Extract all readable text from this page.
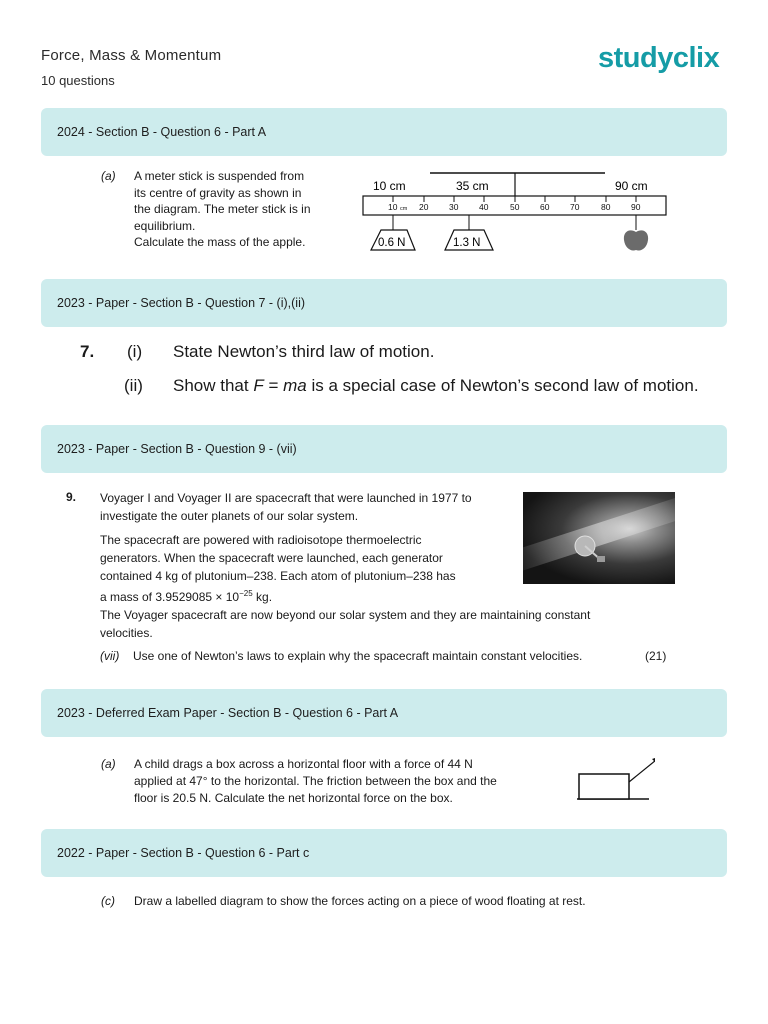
Force, Mass & Momentum
10 questions
studyclix
2024 - Section B - Question 6 - Part A
(a) A meter stick is suspended from
its centre of gravity as shown in
the diagram. The meter stick is in
equilibrium.
Calculate the mass of the apple.
10 cm	35 cm	90 cm
10 cm 20 30 40	50 60 70	80 90
0.6 N	1.3 N
2023 - Paper - Section B - Question 7 - (i),(ii)
7. (i) State Newton’s third law of motion.
(ii) Show that F = ma is a special case of Newton’s second law of motion.
2023 - Paper - Section B - Question 9 - (vii)
9. Voyager I and Voyager II are spacecraft that were launched in 1977 to
investigate the outer planets of our solar system.
The spacecraft are powered with radioisotope thermoelectric
generators. When the spacecraft were launched, each generator
contained 4 kg of plutonium–238. Each atom of plutonium–238 has
a mass of $3.9529085 \times 10^{-25}$ kg.
The Voyager spacecraft are now beyond our solar system and they are maintaining constant
velocities.
(vii) Use one of Newton’s laws to explain why the spacecraft maintain constant velocities.	(21)
2023 - Deferred Exam Paper - Section B - Question 6 - Part A
(a) A child drags a box across a horizontal floor with a force of 44 N
applied at 47° to the horizontal. The friction between the box and the
floor is 20.5 N. Calculate the net horizontal force on the box.
2022 - Paper - Section B - Question 6 - Part c
(c) Draw a labelled diagram to show the forces acting on a piece of wood floating at rest.
